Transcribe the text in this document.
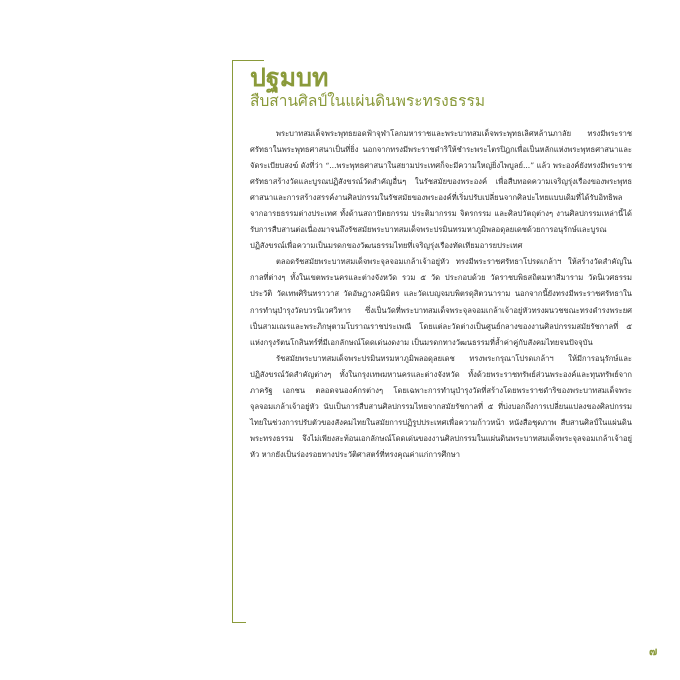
ปฐมบท
สืบสานศิลป์ในแผ่นดินพระทรงธรรม

พระบาทสมเด็จพระพุทธยอดฟ้าจุฬาโลกมหาราชและพระบาทสมเด็จพระพุทธเลิศหล้านภาลัย ทรงมีพระราชศรัทธาในพระพุทธศาสนาเป็นที่ยิ่ง นอกจากทรงมีพระราชดำริให้ชำระพระไตรปิฎกเพื่อเป็นหลักแห่งพระพุทธศาสนาและจัดระเบียบสงฆ์ ดังที่ว่า “...พระพุทธศาสนาในสยามประเทศก็จะมีความใหญ่ยิ่งไพบูลย์...” แล้ว พระองค์ยังทรงมีพระราชศรัทธาสร้างวัดและบูรณปฏิสังขรณ์วัดสำคัญอื่นๆ ในรัชสมัยของพระองค์ เพื่อสืบทอดความเจริญรุ่งเรืองของพระพุทธศาสนาและการสร้างสรรค์งานศิลปกรรมในรัชสมัยของพระองค์ที่เริ่มปรับเปลี่ยนจากศิลปะไทยแบบเดิมที่ได้รับอิทธิพลจากอารยธรรมต่างประเทศ ทั้งด้านสถาปัตยกรรม ประติมากรรม จิตรกรรม และศิลปวัตถุต่างๆ งานศิลปกรรมเหล่านี้ได้รับการสืบสานต่อเนื่องมาจนถึงรัชสมัยพระบาทสมเด็จพระปรมินทรมหาภูมิพลอดุลยเดชด้วยการอนุรักษ์และบูรณปฏิสังขรณ์เพื่อความเป็นมรดกของวัฒนธรรมไทยที่เจริญรุ่งเรืองทัดเทียมอารยประเทศ

ตลอดรัชสมัยพระบาทสมเด็จพระจุลจอมเกล้าเจ้าอยู่หัว ทรงมีพระราชศรัทธาโปรดเกล้าฯ ให้สร้างวัดสำคัญในกาลที่ต่างๆ ทั้งในเขตพระนครและต่างจังหวัด รวม ๕ วัด ประกอบด้วย วัดราชบพิธสถิตมหาสีมาราม วัดนิเวศธรรมประวัติ วัดเทพศิรินทราวาส วัดอัษฎางคนิมิตร และวัดเบญจมบพิตรดุสิตวนาราม นอกจากนี้ยังทรงมีพระราชศรัทธาในการทำนุบำรุงวัดบวรนิเวศวิหาร ซึ่งเป็นวัดที่พระบาทสมเด็จพระจุลจอมเกล้าเจ้าอยู่หัวทรงผนวชขณะทรงดำรงพระยศเป็นสามเณรและพระภิกษุตามโบราณราชประเพณี โดยแต่ละวัดต่างเป็นศูนย์กลางของงานศิลปกรรมสมัยรัชกาลที่ ๕ แห่งกรุงรัตนโกสินทร์ที่มีเอกลักษณ์โดดเด่นงดงาม เป็นมรดกทางวัฒนธรรมที่ล้ำค่าคู่กับสังคมไทยจนปัจจุบัน

รัชสมัยพระบาทสมเด็จพระปรมินทรมหาภูมิพลอดุลยเดช ทรงพระกรุณาโปรดเกล้าฯ ให้มีการอนุรักษ์และปฏิสังขรณ์วัดสำคัญต่างๆ ทั้งในกรุงเทพมหานครและต่างจังหวัด ทั้งด้วยพระราชทรัพย์ส่วนพระองค์และทุนทรัพย์จากภาครัฐ เอกชน ตลอดจนองค์กรต่างๆ โดยเฉพาะการทำนุบำรุงวัดที่สร้างโดยพระราชดำริของพระบาทสมเด็จพระจุลจอมเกล้าเจ้าอยู่หัว นับเป็นการสืบสานศิลปกรรมไทยจากสมัยรัชกาลที่ ๕ ที่บ่งบอกถึงการเปลี่ยนแปลงของศิลปกรรมไทยในช่วงการปรับตัวของสังคมไทยในสมัยการปฏิรูปประเทศเพื่อความก้าวหน้า หนังสือชุดภาพ สืบสานศิลป์ในแผ่นดินพระทรงธรรม จึงไม่เพียงสะท้อนเอกลักษณ์โดดเด่นของงานศิลปกรรมในแผ่นดินพระบาทสมเด็จพระจุลจอมเกล้าเจ้าอยู่หัว หากยังเป็นร่องรอยทางประวัติศาสตร์ที่ทรงคุณค่าแก่การศึกษา

๗
